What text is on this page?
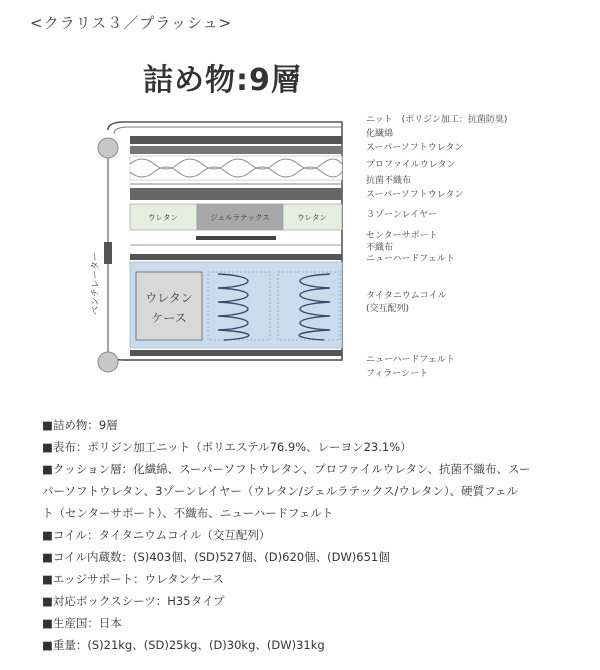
<クラリス３／プラッシュ>
詰め物:9層
ベンチレーター
ウレタン	ジェルラテックス	ウレタン
ウレタン
ケース
ニット　(ポリジン加工：抗菌防臭)
化繊綿
スーパーソフトウレタン
プロファイルウレタン
抗菌不織布
スーパーソフトウレタン
３ゾーンレイヤー
センターサポート
不織布
ニューハードフェルト
タイタニウムコイル
(交互配列)
ニューハードフェルト
フィラーシート
■詰め物：9層
■表布：ポリジン加工ニット（ポリエステル76.9%、レーヨン23.1%）
■クッション層：化繊綿、スーパーソフトウレタン、プロファイルウレタン、抗菌不織布、スー
パーソフトウレタン、3ゾーンレイヤー（ウレタン/ジェルラテックス/ウレタン）、硬質フェル
ト（センターサポート）、不織布、ニューハードフェルト
■コイル：タイタニウムコイル（交互配列）
■コイル内蔵数：(S)403個、(SD)527個、(D)620個、(DW)651個
■エッジサポート：ウレタンケース
■対応ボックスシーツ：H35タイプ
■生産国：日本
■重量：(S)21kg、(SD)25kg、(D)30kg、(DW)31kg
